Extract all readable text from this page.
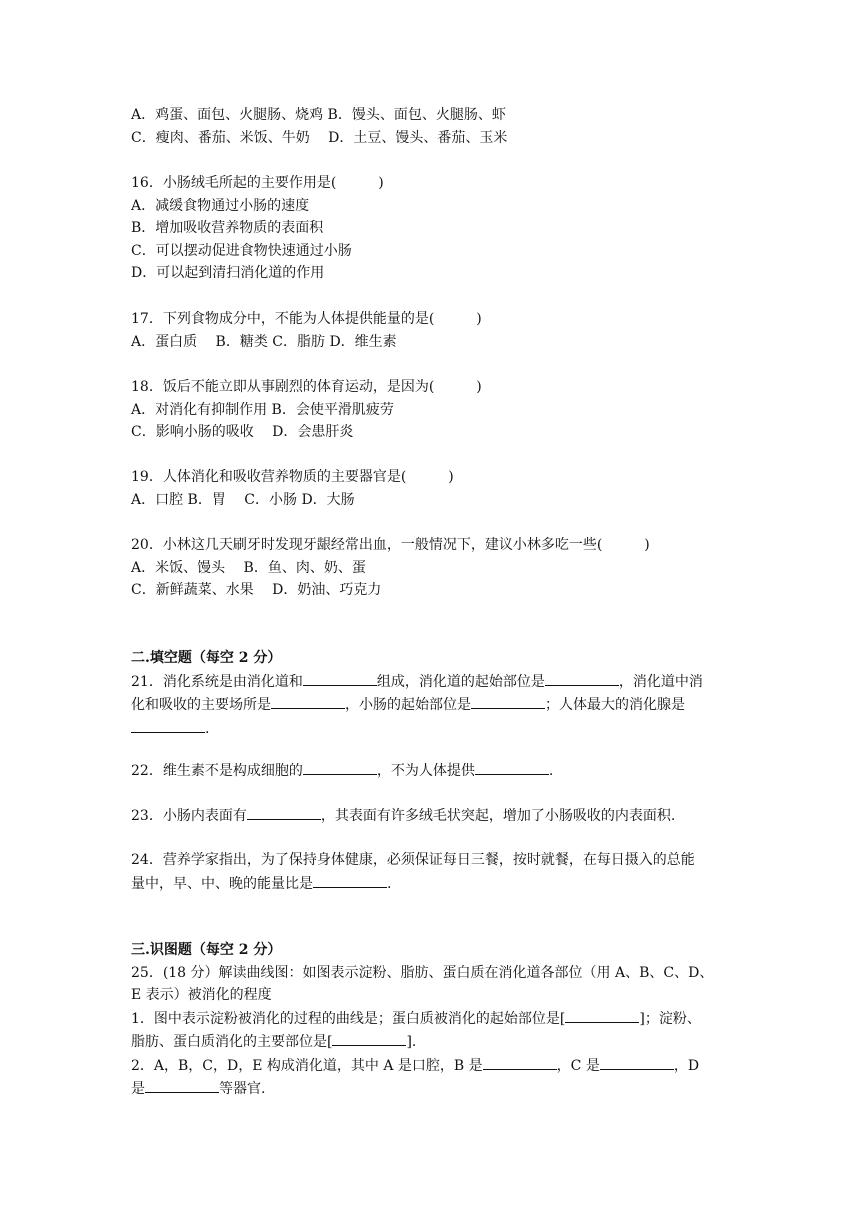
A．鸡蛋、面包、火腿肠、烧鸡 B．馒头、面包、火腿肠、虾
C．瘦肉、番茄、米饭、牛奶　 D．土豆、馒头、番茄、玉米
16．小肠绒毛所起的主要作用是(　　　)
A．减缓食物通过小肠的速度
B．增加吸收营养物质的表面积
C．可以摆动促进食物快速通过小肠
D．可以起到清扫消化道的作用
17．下列食物成分中，不能为人体提供能量的是(　　　)
A．蛋白质　 B．糖类 C．脂肪 D．维生素
18．饭后不能立即从事剧烈的体育运动，是因为(　　　)
A．对消化有抑制作用 B．会使平滑肌疲劳
C．影响小肠的吸收　 D．会患肝炎
19．人体消化和吸收营养物质的主要器官是(　　　)
A．口腔 B．胃　 C．小肠 D．大肠
20．小林这几天刷牙时发现牙龈经常出血，一般情况下，建议小林多吃一些(　　　)
A．米饭、馒头　 B．鱼、肉、奶、蛋
C．新鲜蔬菜、水果　 D．奶油、巧克力
二.填空题（每空 2 分）
21．消化系统是由消化道和	组成，消化道的起始部位是	，消化道中消
化和吸收的主要场所是	，小肠的起始部位是	；人体最大的消化腺是
.
22．维生素不是构成细胞的	，不为人体提供	.
23．小肠内表面有	，其表面有许多绒毛状突起，增加了小肠吸收的内表面积.
24．营养学家指出，为了保持身体健康，必须保证每日三餐，按时就餐，在每日摄入的总能
量中，早、中、晚的能量比是	.
三.识图题（每空 2 分）
25．(18 分）解读曲线图：如图表示淀粉、脂肪、蛋白质在消化道各部位（用 A、B、C、D、
E 表示）被消化的程度
1．图中表示淀粉被消化的过程的曲线是；蛋白质被消化的起始部位是[	]；淀粉、
脂肪、蛋白质消化的主要部位是[	].
2．A，B，C，D，E 构成消化道，其中 A 是口腔，B 是	，C 是	，D
是	等器官.
